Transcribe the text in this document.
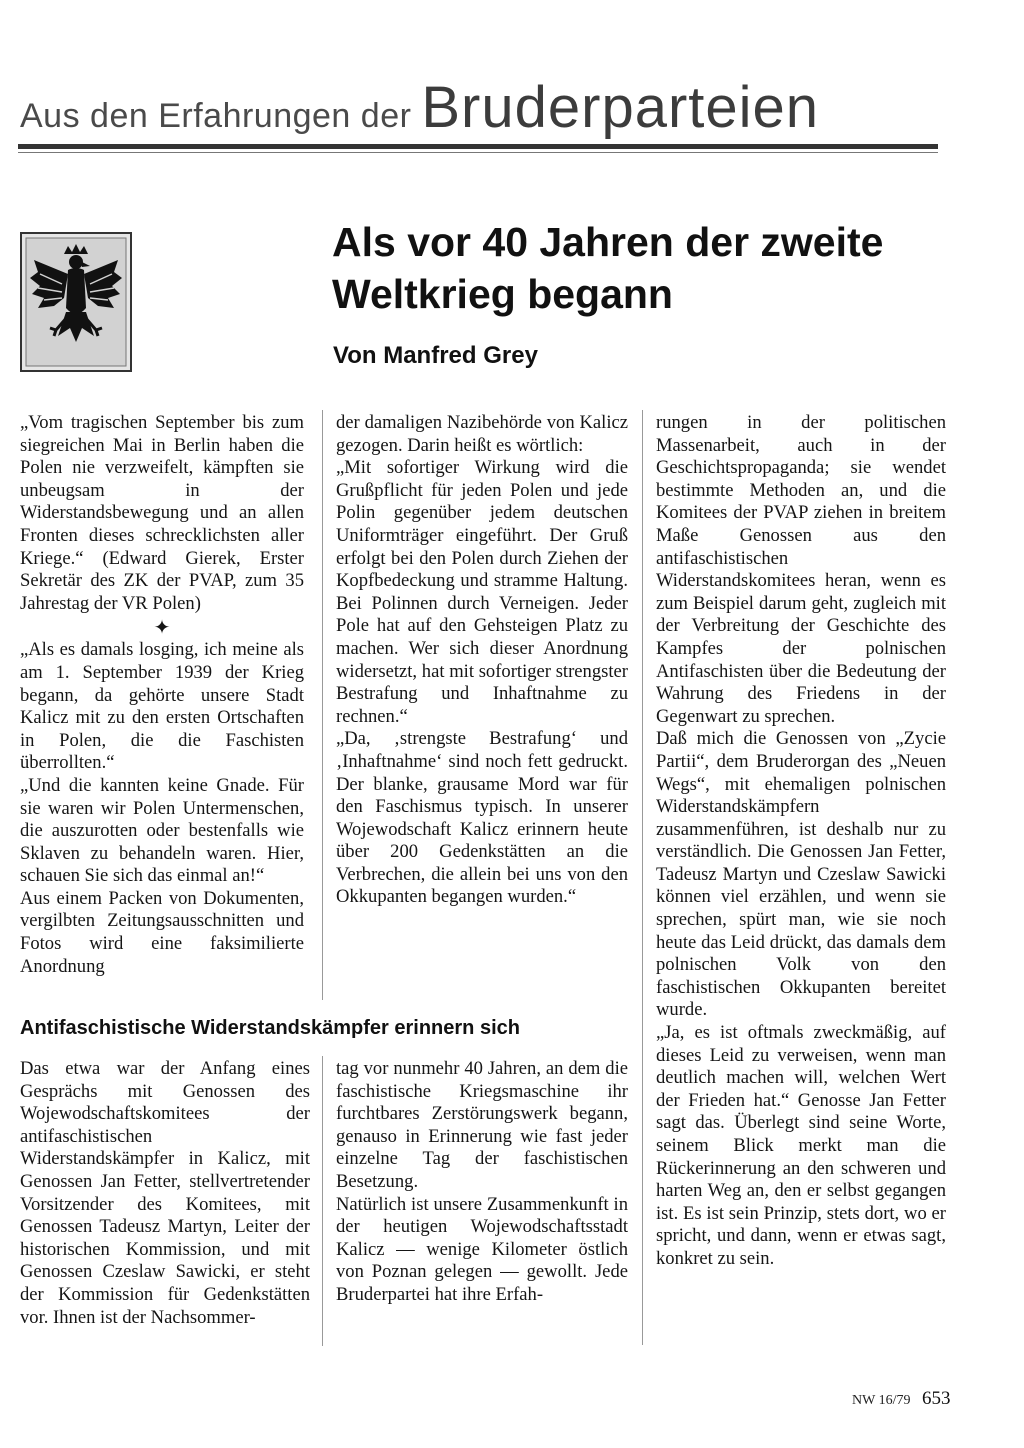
Aus den Erfahrungen der Bruderparteien
Als vor 40 Jahren der zweite Weltkrieg begann
Von Manfred Grey

„Vom tragischen September bis zum siegreichen Mai in Berlin haben die Polen nie verzweifelt, kämpften sie unbeugsam in der Widerstandsbewegung und an allen Fronten dieses schrecklichsten aller Kriege.“ (Edward Gierek, Erster Sekretär des ZK der PVAP, zum 35 Jahrestag der VR Polen)

✦

„Als es damals losging, ich meine als am 1. September 1939 der Krieg begann, da gehörte unsere Stadt Kalicz mit zu den ersten Ortschaften in Polen, die die Faschisten überrollten.“

„Und die kannten keine Gnade. Für sie waren wir Polen Untermenschen, die auszurotten oder bestenfalls wie Sklaven zu behandeln waren. Hier, schauen Sie sich das einmal an!“

Aus einem Packen von Dokumenten, vergilbten Zeitungsausschnitten und Fotos wird eine faksimilierte Anordnung

der damaligen Nazibehörde von Kalicz gezogen. Darin heißt es wörtlich:

„Mit sofortiger Wirkung wird die Grußpflicht für jeden Polen und jede Polin gegenüber jedem deutschen Uniformträger eingeführt. Der Gruß erfolgt bei den Polen durch Ziehen der Kopfbedeckung und stramme Haltung. Bei Polinnen durch Verneigen. Jeder Pole hat auf den Gehsteigen Platz zu machen. Wer sich dieser Anordnung widersetzt, hat mit sofortiger strengster Bestrafung und Inhaftnahme zu rechnen.“

„Da, ‚strengste Bestrafung‘ und ‚Inhaftnahme‘ sind noch fett gedruckt. Der blanke, grausame Mord war für den Faschismus typisch. In unserer Wojewodschaft Kalicz erinnern heute über 200 Gedenkstätten an die Verbrechen, die allein bei uns von den Okkupanten begangen wurden.“

rungen in der politischen Massenarbeit, auch in der Geschichtspropaganda; sie wendet bestimmte Methoden an, und die Komitees der PVAP ziehen in breitem Maße Genossen aus den antifaschistischen Widerstandskomitees heran, wenn es zum Beispiel darum geht, zugleich mit der Verbreitung der Geschichte des Kampfes der polnischen Antifaschisten über die Bedeutung der Wahrung des Friedens in der Gegenwart zu sprechen.

Daß mich die Genossen von „Zycie Partii“, dem Bruderorgan des „Neuen Wegs“, mit ehemaligen polnischen Widerstandskämpfern zusammenführen, ist deshalb nur zu verständlich. Die Genossen Jan Fetter, Tadeusz Martyn und Czeslaw Sawicki können viel erzählen, und wenn sie sprechen, spürt man, wie sie noch heute das Leid drückt, das damals dem polnischen Volk von den faschistischen Okkupanten bereitet wurde.

„Ja, es ist oftmals zweckmäßig, auf dieses Leid zu verweisen, wenn man deutlich machen will, welchen Wert der Frieden hat.“ Genosse Jan Fetter sagt das. Überlegt sind seine Worte, seinem Blick merkt man die Rückerinnerung an den schweren und harten Weg an, den er selbst gegangen ist. Es ist sein Prinzip, stets dort, wo er spricht, und dann, wenn er etwas sagt, konkret zu sein.

Antifaschistische Widerstandskämpfer erinnern sich

Das etwa war der Anfang eines Gesprächs mit Genossen des Wojewodschaftskomitees der antifaschistischen Widerstandskämpfer in Kalicz, mit Genossen Jan Fetter, stellvertretender Vorsitzender des Komitees, mit Genossen Tadeusz Martyn, Leiter der historischen Kommission, und mit Genossen Czeslaw Sawicki, er steht der Kommission für Gedenkstätten vor. Ihnen ist der Nachsommer-

tag vor nunmehr 40 Jahren, an dem die faschistische Kriegsmaschine ihr furchtbares Zerstörungswerk begann, genauso in Erinnerung wie fast jeder einzelne Tag der faschistischen Besetzung.

Natürlich ist unsere Zusammenkunft in der heutigen Wojewodschaftsstadt Kalicz — wenige Kilometer östlich von Poznan gelegen — gewollt. Jede Bruderpartei hat ihre Erfah-

NW 16/79 653
